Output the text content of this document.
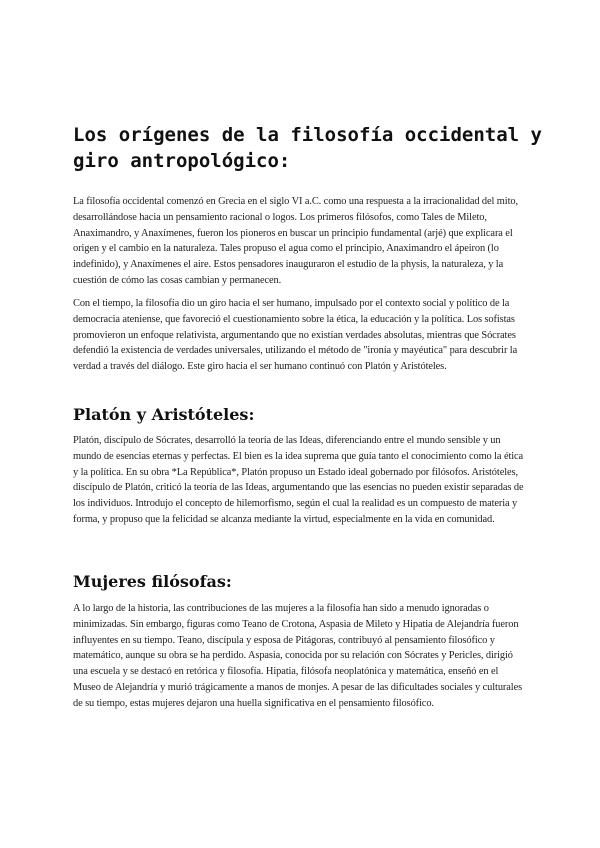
Los orígenes de la filosofía occidental y giro antropológico:

La filosofía occidental comenzó en Grecia en el siglo VI a.C. como una respuesta a la irracionalidad del mito, desarrollándose hacia un pensamiento racional o logos. Los primeros filósofos, como Tales de Mileto, Anaximandro, y Anaxímenes, fueron los pioneros en buscar un principio fundamental (arjé) que explicara el origen y el cambio en la naturaleza. Tales propuso el agua como el principio, Anaximandro el ápeiron (lo indefinido), y Anaxímenes el aire. Estos pensadores inauguraron el estudio de la physis, la naturaleza, y la cuestión de cómo las cosas cambian y permanecen.

Con el tiempo, la filosofía dio un giro hacia el ser humano, impulsado por el contexto social y político de la democracia ateniense, que favoreció el cuestionamiento sobre la ética, la educación y la política. Los sofistas promovieron un enfoque relativista, argumentando que no existían verdades absolutas, mientras que Sócrates defendió la existencia de verdades universales, utilizando el método de "ironía y mayéutica" para descubrir la verdad a través del diálogo. Este giro hacia el ser humano continuó con Platón y Aristóteles.

Platón y Aristóteles:

Platón, discípulo de Sócrates, desarrolló la teoría de las Ideas, diferenciando entre el mundo sensible y un mundo de esencias eternas y perfectas. El bien es la idea suprema que guía tanto el conocimiento como la ética y la política. En su obra *La República*, Platón propuso un Estado ideal gobernado por filósofos. Aristóteles, discípulo de Platón, criticó la teoría de las Ideas, argumentando que las esencias no pueden existir separadas de los individuos. Introdujo el concepto de hilemorfismo, según el cual la realidad es un compuesto de materia y forma, y propuso que la felicidad se alcanza mediante la virtud, especialmente en la vida en comunidad.

Mujeres filósofas:

A lo largo de la historia, las contribuciones de las mujeres a la filosofía han sido a menudo ignoradas o minimizadas. Sin embargo, figuras como Teano de Crotona, Aspasia de Mileto y Hipatia de Alejandría fueron influyentes en su tiempo. Teano, discípula y esposa de Pitágoras, contribuyó al pensamiento filosófico y matemático, aunque su obra se ha perdido. Aspasia, conocida por su relación con Sócrates y Pericles, dirigió una escuela y se destacó en retórica y filosofía. Hipatia, filósofa neoplatónica y matemática, enseñó en el Museo de Alejandría y murió trágicamente a manos de monjes. A pesar de las dificultades sociales y culturales de su tiempo, estas mujeres dejaron una huella significativa en el pensamiento filosófico.
